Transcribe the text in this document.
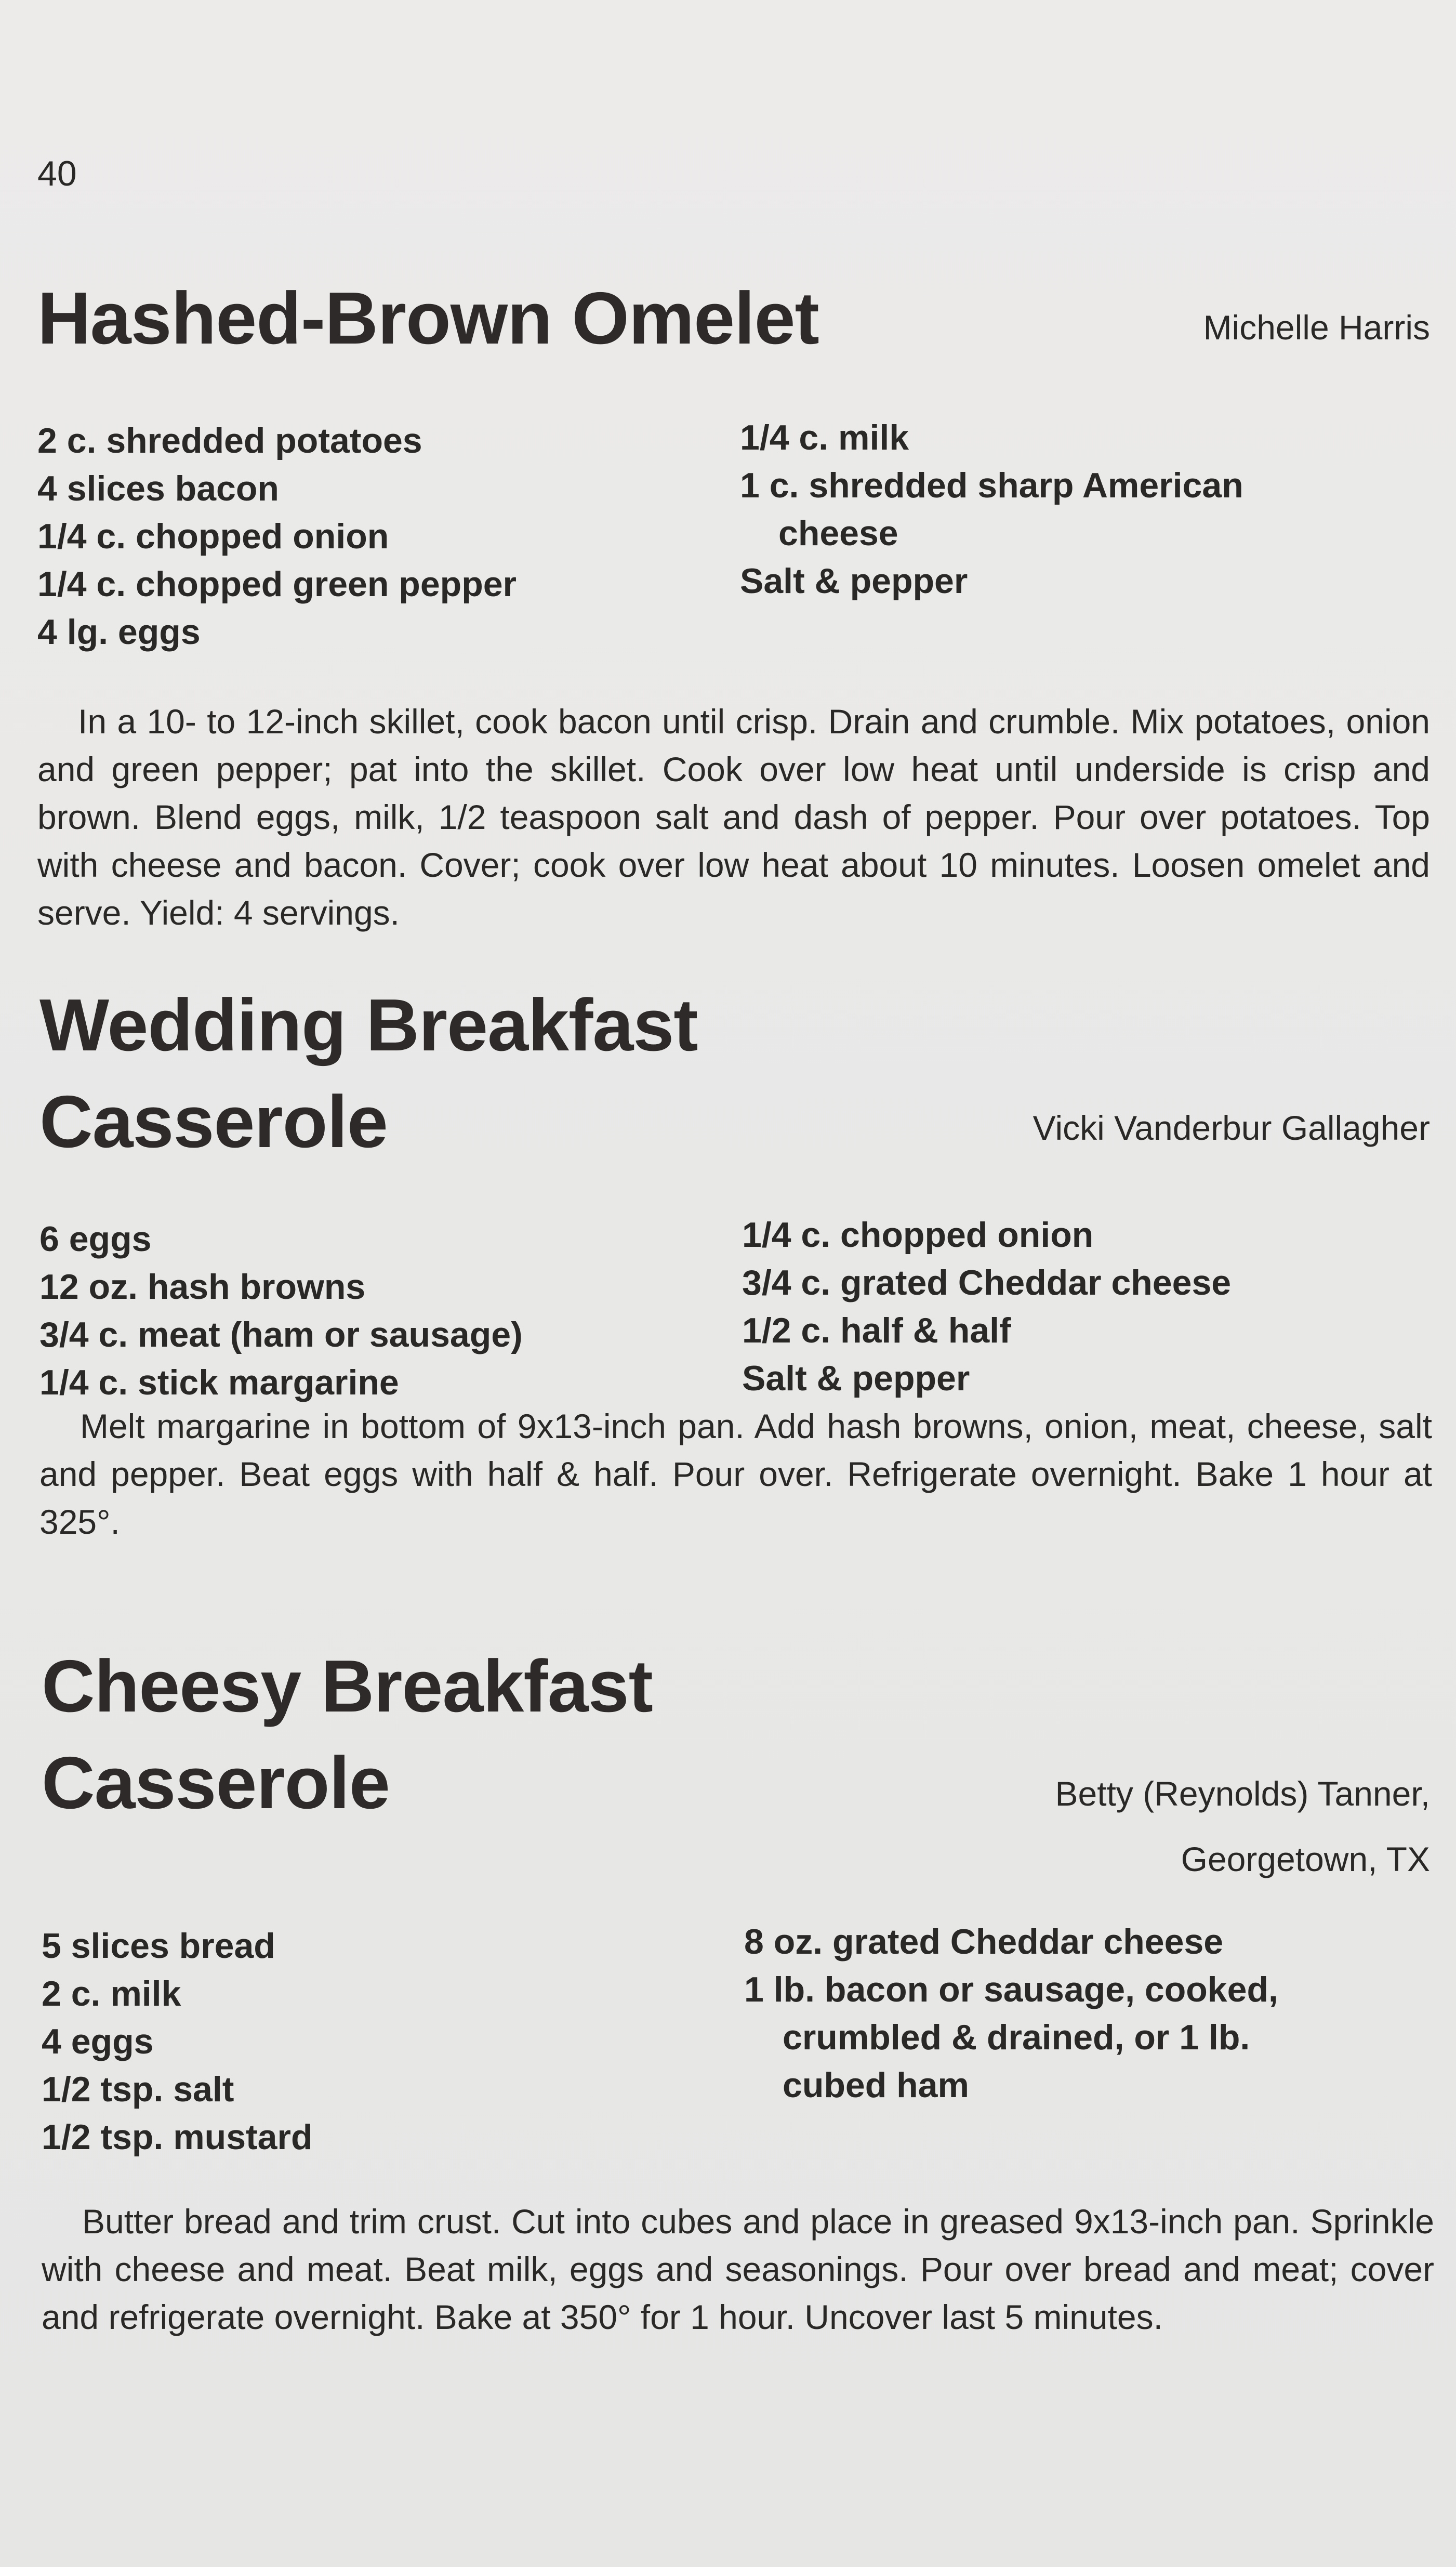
40
Hashed-Brown Omelet	Michelle Harris
2 c. shredded potatoes
4 slices bacon
1/4 c. chopped onion
1/4 c. chopped green pepper
4 lg. eggs
1/4 c. milk
1 c. shredded sharp American
cheese
Salt & pepper

In a 10- to 12-inch skillet, cook bacon until crisp. Drain and crumble. Mix potatoes, onion and green pepper; pat into the skillet. Cook over low heat until underside is crisp and brown. Blend eggs, milk, 1/2 teaspoon salt and dash of pepper. Pour over potatoes. Top with cheese and bacon. Cover; cook over low heat about 10 minutes. Loosen omelet and serve. Yield: 4 servings.

Wedding Breakfast
Casserole	Vicki Vanderbur Gallagher
6 eggs
12 oz. hash browns
3/4 c. meat (ham or sausage)
1/4 c. stick margarine
1/4 c. chopped onion
3/4 c. grated Cheddar cheese
1/2 c. half & half
Salt & pepper

Melt margarine in bottom of 9x13-inch pan. Add hash browns, onion, meat, cheese, salt and pepper. Beat eggs with half & half. Pour over. Refrigerate overnight. Bake 1 hour at 325°.

Cheesy Breakfast
Casserole	Betty (Reynolds) Tanner,
Georgetown, TX
5 slices bread
2 c. milk
4 eggs
1/2 tsp. salt
1/2 tsp. mustard
8 oz. grated Cheddar cheese
1 lb. bacon or sausage, cooked,
crumbled & drained, or 1 lb.
cubed ham

Butter bread and trim crust. Cut into cubes and place in greased 9x13-inch pan. Sprinkle with cheese and meat. Beat milk, eggs and seasonings. Pour over bread and meat; cover and refrigerate overnight. Bake at 350° for 1 hour. Uncover last 5 minutes.
